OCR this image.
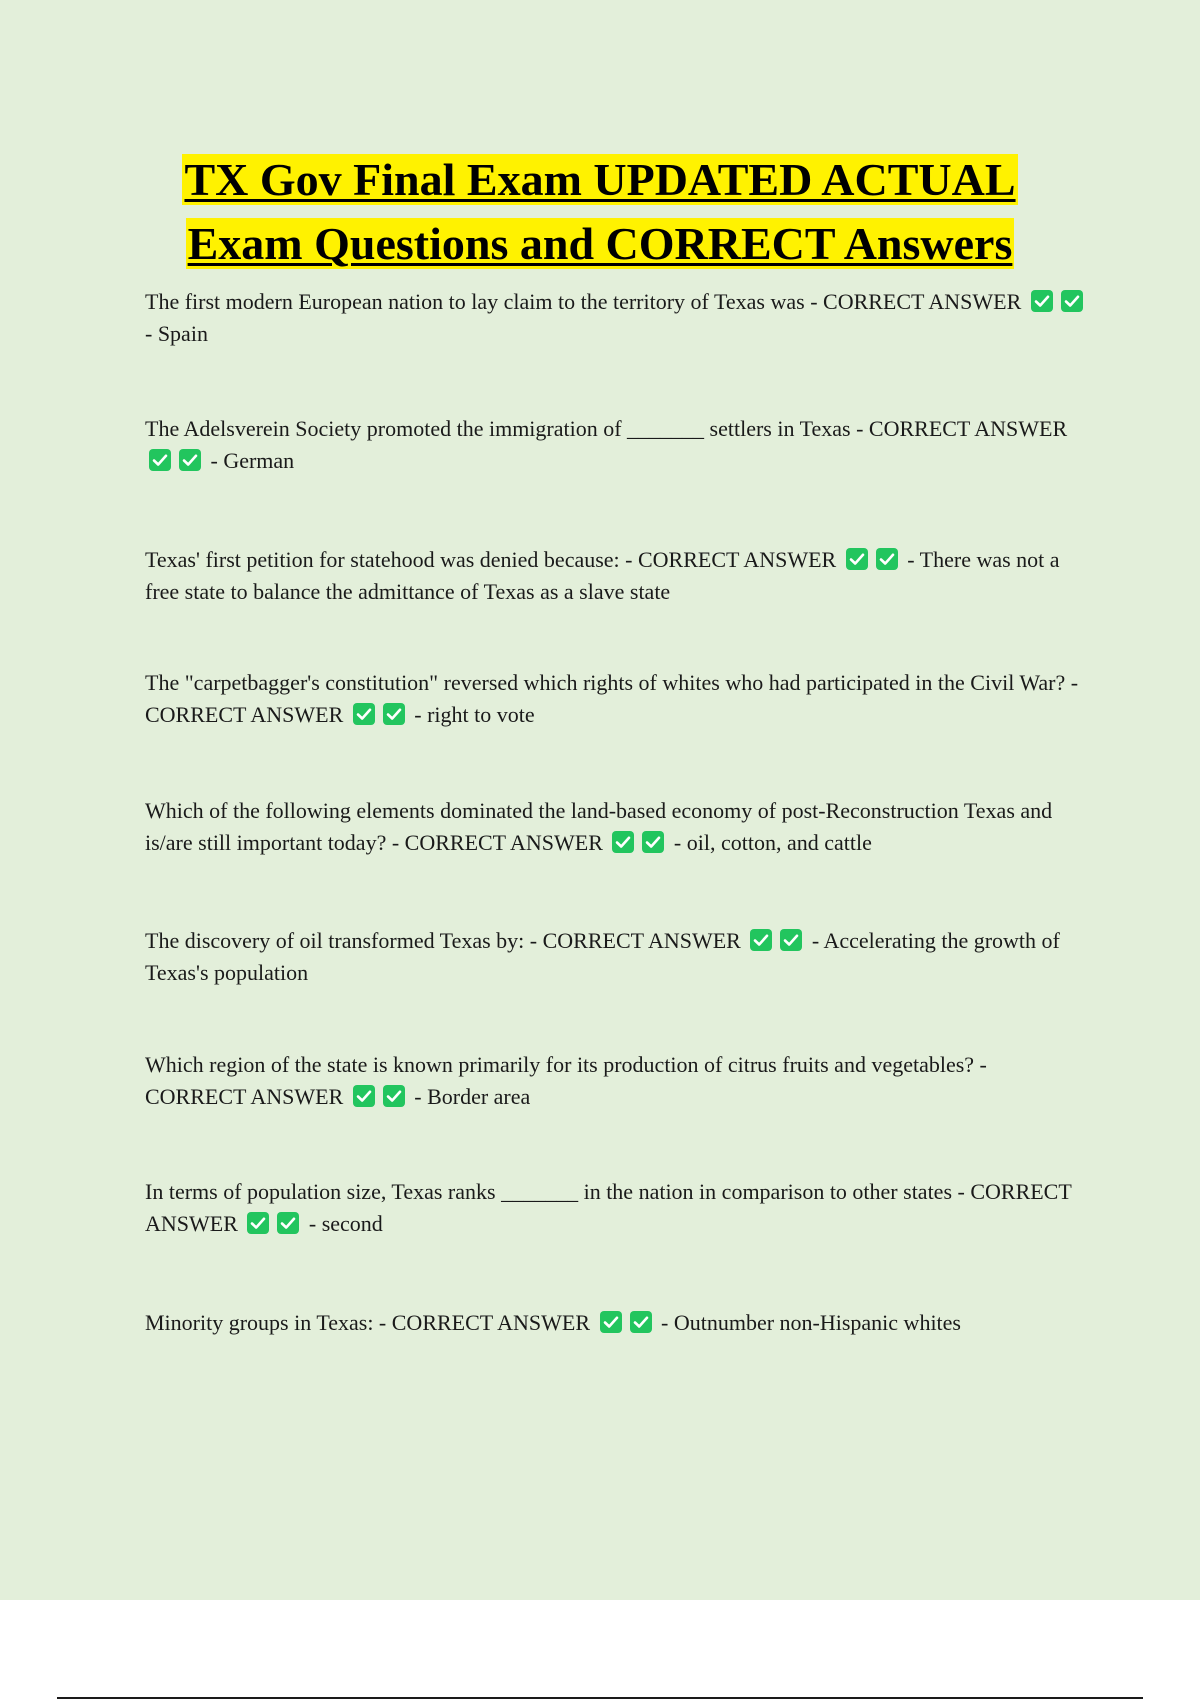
TX Gov Final Exam UPDATED ACTUAL
Exam Questions and CORRECT Answers

The first modern European nation to lay claim to the territory of Texas was - CORRECT ANSWER
- Spain

The Adelsverein Society promoted the immigration of _______ settlers in Texas - CORRECT ANSWER
- German

Texas' first petition for statehood was denied because: - CORRECT ANSWER	- There was not a free state to balance the admittance of Texas as a slave state

The "carpetbagger's constitution" reversed which rights of whites who had participated in the Civil War? - CORRECT ANSWER	- right to vote

Which of the following elements dominated the land-based economy of post-Reconstruction Texas and is/are still important today? - CORRECT ANSWER	- oil, cotton, and cattle

The discovery of oil transformed Texas by: - CORRECT ANSWER	- Accelerating the growth of Texas's population

Which region of the state is known primarily for its production of citrus fruits and vegetables? - CORRECT ANSWER	- Border area

In terms of population size, Texas ranks _______ in the nation in comparison to other states - CORRECT ANSWER	- second

Minority groups in Texas: - CORRECT ANSWER	- Outnumber non-Hispanic whites
